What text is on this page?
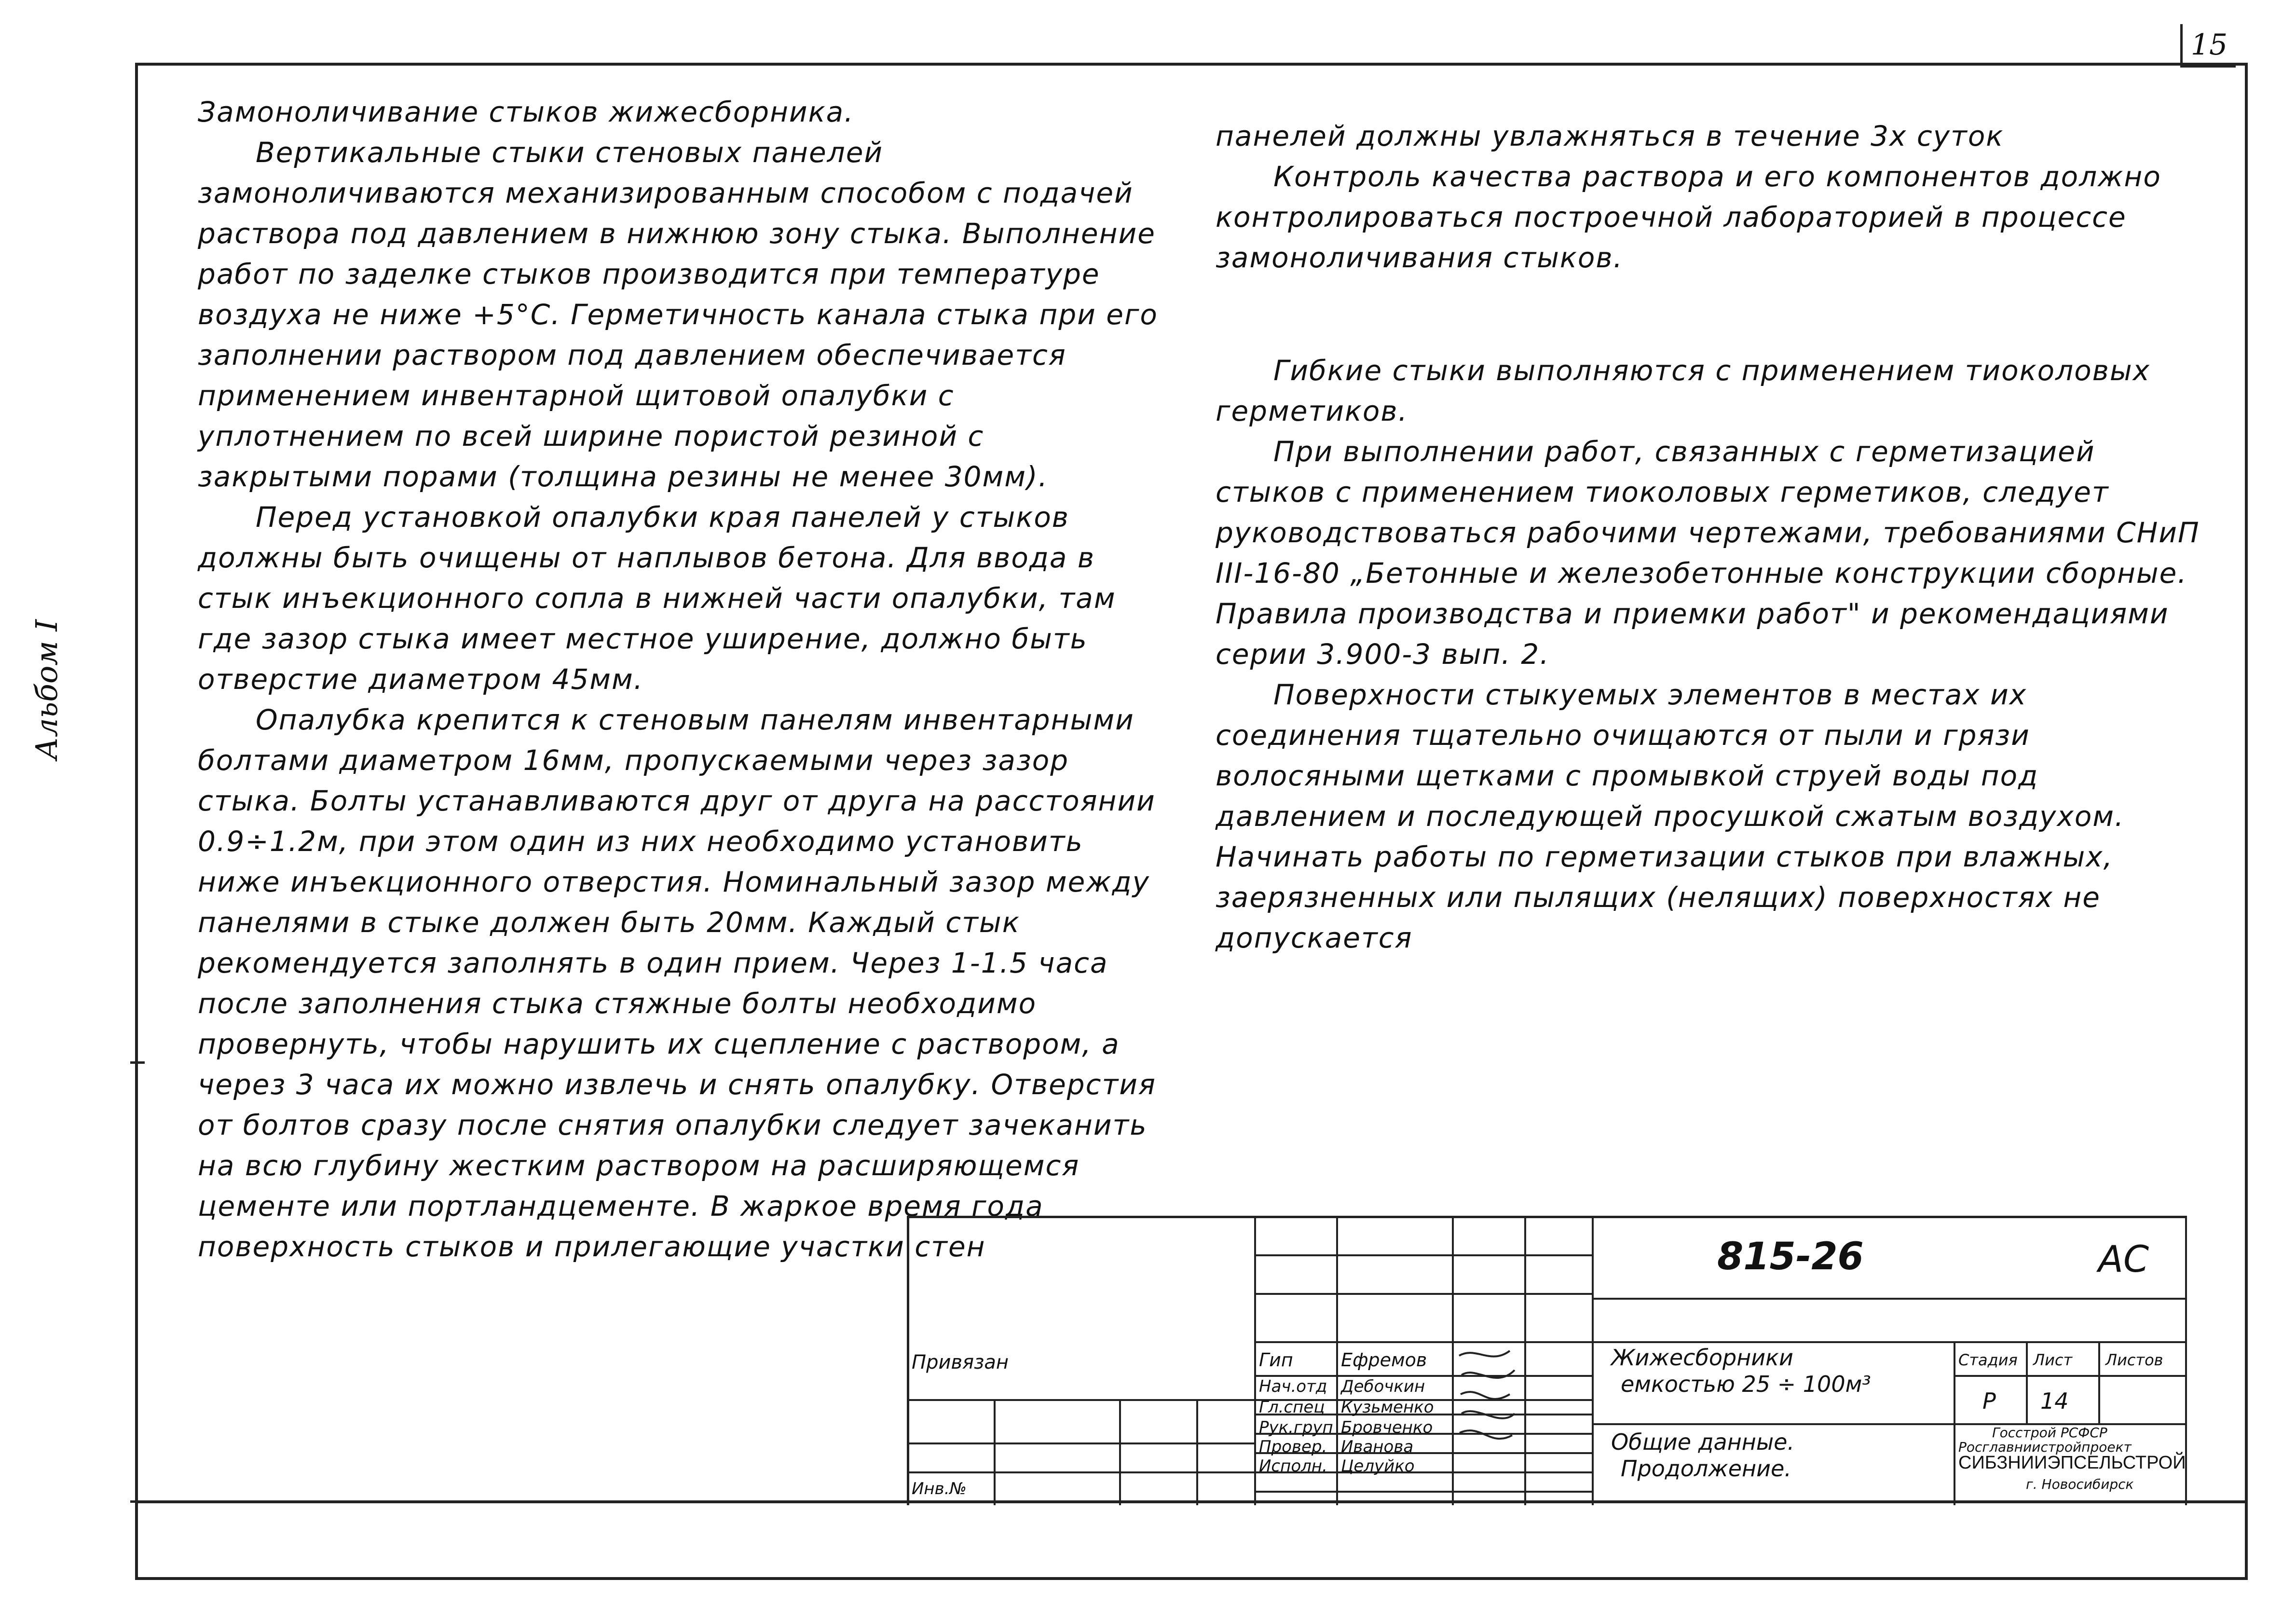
15
Альбом I

Замоноличивание стыков жижесборника.

Вертикальные стыки стеновых панелей замоноличиваются механизированным способом с подачей раствора под давлением в нижнюю зону стыка. Выполнение работ по заделке стыков производится при температуре воздуха не ниже +5°С. Герметичность канала стыка при его заполнении раствором под давлением обеспечивается применением инвентарной щитовой опалубки с уплотнением по всей ширине пористой резиной с закрытыми порами (толщина резины не менее 30мм).

Перед установкой опалубки края панелей у стыков должны быть очищены от наплывов бетона. Для ввода в стык инъекционного сопла в нижней части опалубки, там где зазор стыка имеет местное уширение, должно быть отверстие диаметром 45мм.

Опалубка крепится к стеновым панелям инвентарными болтами диаметром 16мм, пропускаемыми через зазор стыка. Болты устанавливаются друг от друга на расстоянии 0.9÷1.2м, при этом один из них необходимо установить ниже инъекционного отверстия. Номинальный зазор между панелями в стыке должен быть 20мм. Каждый стык рекомендуется заполнять в один прием. Через 1-1.5 часа после заполнения стыка стяжные болты необходимо провернуть, чтобы нарушить их сцепление с раствором, а через 3 часа их можно извлечь и снять опалубку. Отверстия от болтов сразу после снятия опалубки следует зачеканить на всю глубину жестким раствором на расширяющемся цементе или портландцементе. В жаркое время года поверхность стыков и прилегающие участки стен

панелей должны увлажняться в течение 3х суток

Контроль качества раствора и его компонентов должно контролироваться построечной лабораторией в процессе замоноличивания стыков.

Гибкие стыки выполняются с применением тиоколовых герметиков.

При выполнении работ, связанных с герметизацией стыков с применением тиоколовых герметиков, следует руководствоваться рабочими чертежами, требованиями СНиП III-16-80 „Бетонные и железобетонные конструкции сборные. Правила производства и приемки работ" и рекомендациями серии 3.900-3 вып. 2.

Поверхности стыкуемых элементов в местах их соединения тщательно очищаются от пыли и грязи волосяными щетками с промывкой струей воды под давлением и последующей просушкой сжатым воздухом. Начинать работы по герметизации стыков при влажных, заерязненных или пылящих (нелящих) поверхностях не допускается

815-26	АС
Привязан
Инв.№
Гип	Ефремов
Нач.отд Дебочкин
Гл.спец Кузьменко
Рук.груп Бровченко
Провер. Иванова
Исполн. Целуйко
Жижесборники
емкостью 25 ÷ 100м³
Общие данные.
Продолжение.
Стадия Лист Листов
Р 14
Госстрой РСФСР
Росглавниистройпроект
СИБЗНИИЭПСЕЛЬСТРОЙ
г. Новосибирск
